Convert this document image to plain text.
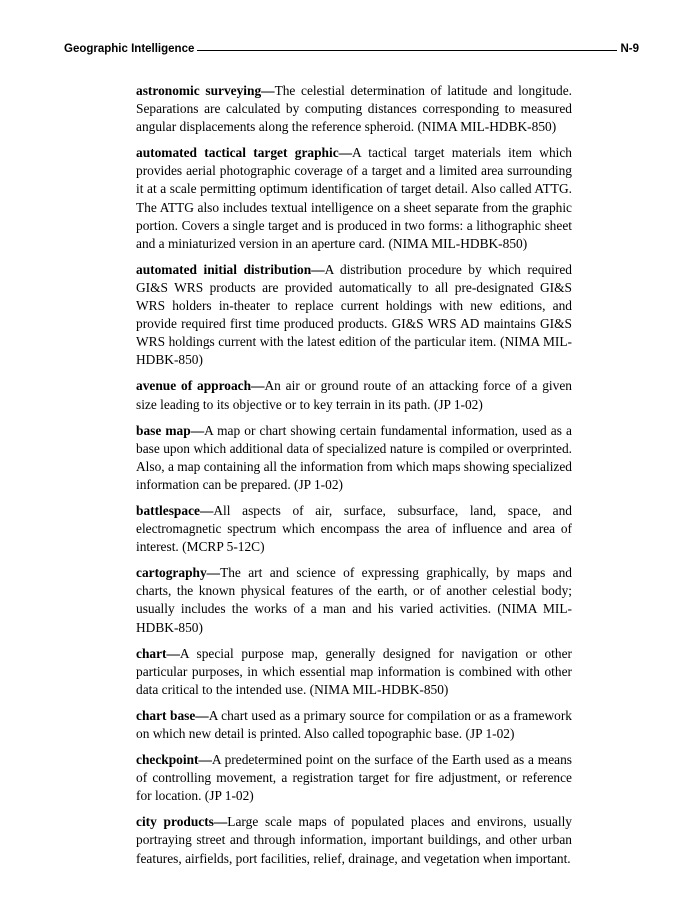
Geographic Intelligence	N-9

astronomic surveying—The celestial determination of latitude and longitude. Separations are calculated by computing distances corresponding to measured angular displacements along the reference spheroid. (NIMA MIL-HDBK-850)

automated tactical target graphic—A tactical target materials item which provides aerial photographic coverage of a target and a limited area surrounding it at a scale permitting optimum identification of target detail. Also called ATTG. The ATTG also includes textual intelligence on a sheet separate from the graphic portion. Covers a single target and is produced in two forms: a lithographic sheet and a miniaturized version in an aperture card. (NIMA MIL-HDBK-850)

automated initial distribution—A distribution procedure by which required GI&S WRS products are provided automatically to all pre-designated GI&S WRS holders in-theater to replace current holdings with new editions, and provide required first time produced products. GI&S WRS AD maintains GI&S WRS holdings current with the latest edition of the particular item. (NIMA MIL-HDBK-850)

avenue of approach—An air or ground route of an attacking force of a given size leading to its objective or to key terrain in its path. (JP 1-02)

base map—A map or chart showing certain fundamental information, used as a base upon which additional data of specialized nature is compiled or overprinted. Also, a map containing all the information from which maps showing specialized information can be prepared. (JP 1-02)

battlespace—All aspects of air, surface, subsurface, land, space, and electromagnetic spectrum which encompass the area of influence and area of interest. (MCRP 5-12C)

cartography—The art and science of expressing graphically, by maps and charts, the known physical features of the earth, or of another celestial body; usually includes the works of a man and his varied activities. (NIMA MIL-HDBK-850)

chart—A special purpose map, generally designed for navigation or other particular purposes, in which essential map information is combined with other data critical to the intended use. (NIMA MIL-HDBK-850)

chart base—A chart used as a primary source for compilation or as a framework on which new detail is printed. Also called topographic base. (JP 1-02)

checkpoint—A predetermined point on the surface of the Earth used as a means of controlling movement, a registration target for fire adjustment, or reference for location. (JP 1-02)

city products—Large scale maps of populated places and environs, usually portraying street and through information, important buildings, and other urban features, airfields, port facilities, relief, drainage, and vegetation when important.
